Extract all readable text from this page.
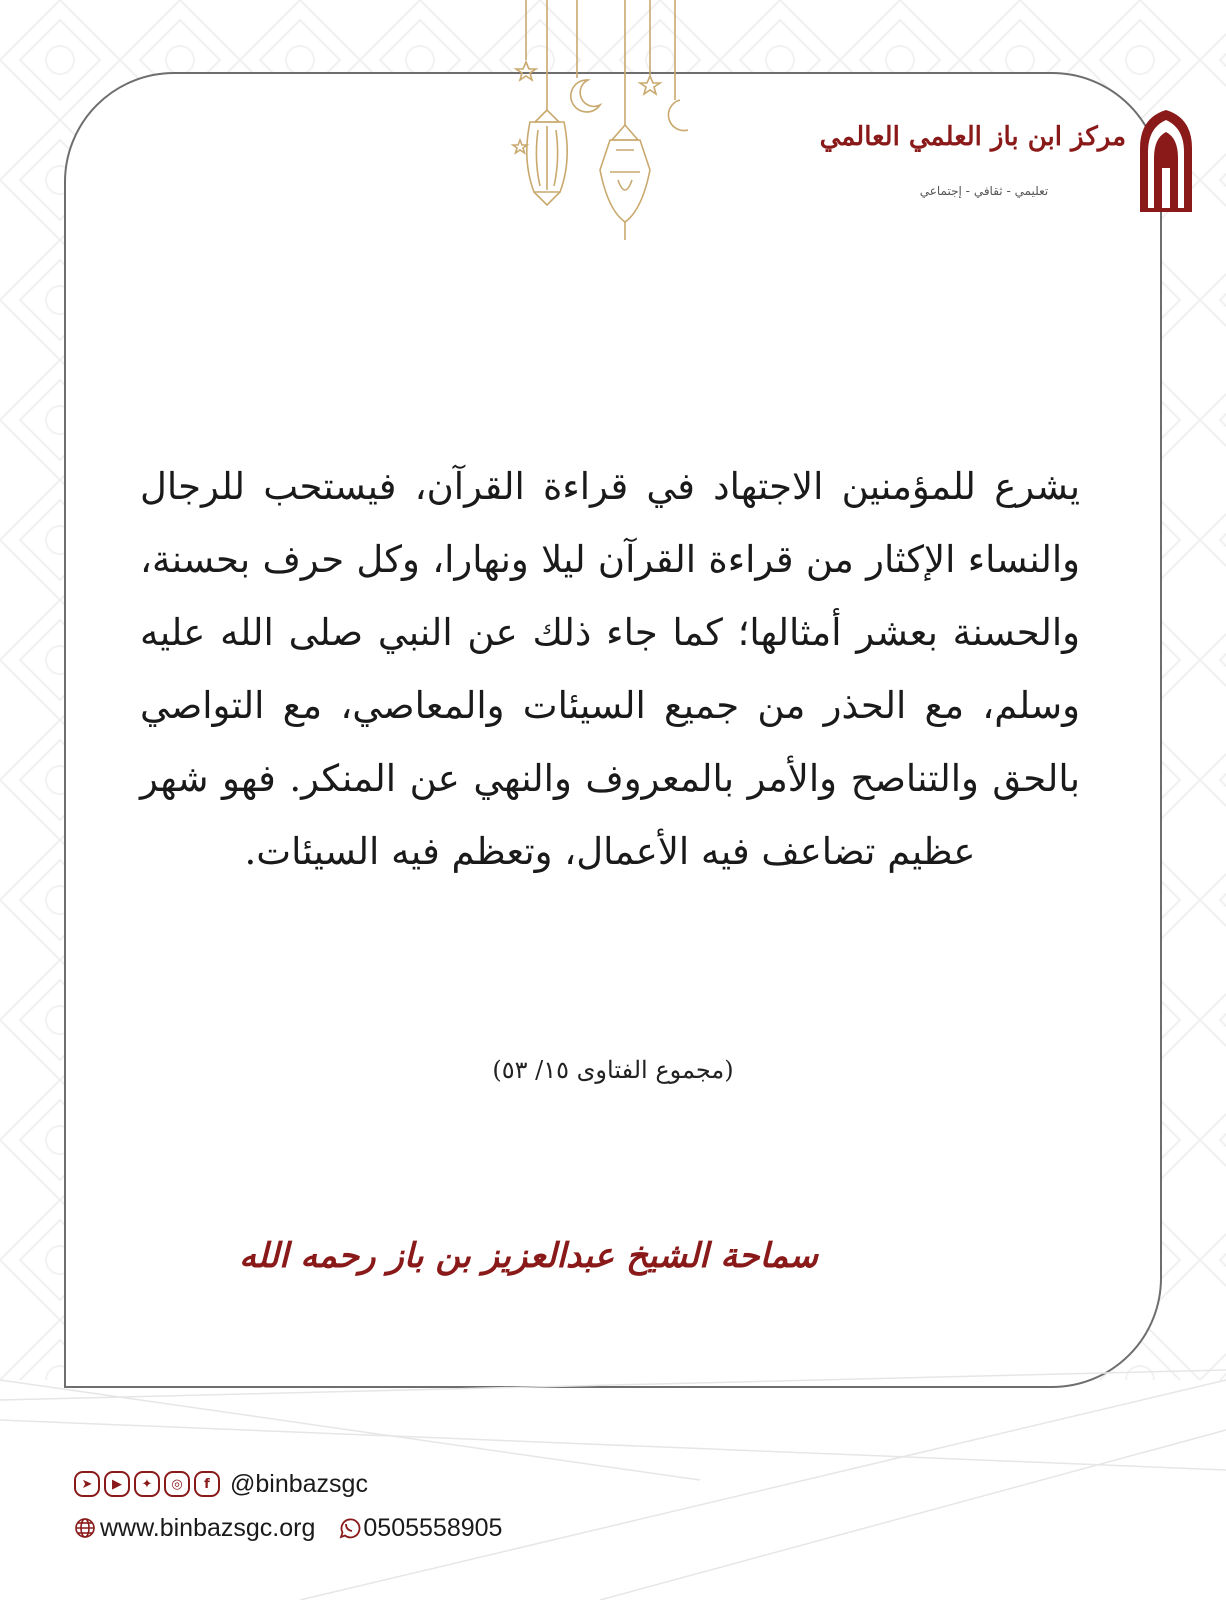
مركز ابن باز العلمي العالمي
تعليمي - ثقافي - إجتماعي
يشرع للمؤمنين الاجتهاد في قراءة القرآن، فيستحب للرجال والنساء الإكثار من قراءة القرآن ليلا ونهارا، وكل حرف بحسنة، والحسنة بعشر أمثالها؛ كما جاء ذلك عن النبي صلى الله عليه وسلم، مع الحذر من جميع السيئات والمعاصي، مع التواصي بالحق والتناصح والأمر بالمعروف والنهي عن المنكر. فهو شهر عظيم تضاعف فيه الأعمال، وتعظم فيه السيئات.
(مجموع الفتاوى ١٥/ ٥٣)
سماحة الشيخ عبدالعزيز بن باز رحمه الله
➤	▶	✦	◎	f @binbazsgc
www.binbazsgc.org 0505558905
